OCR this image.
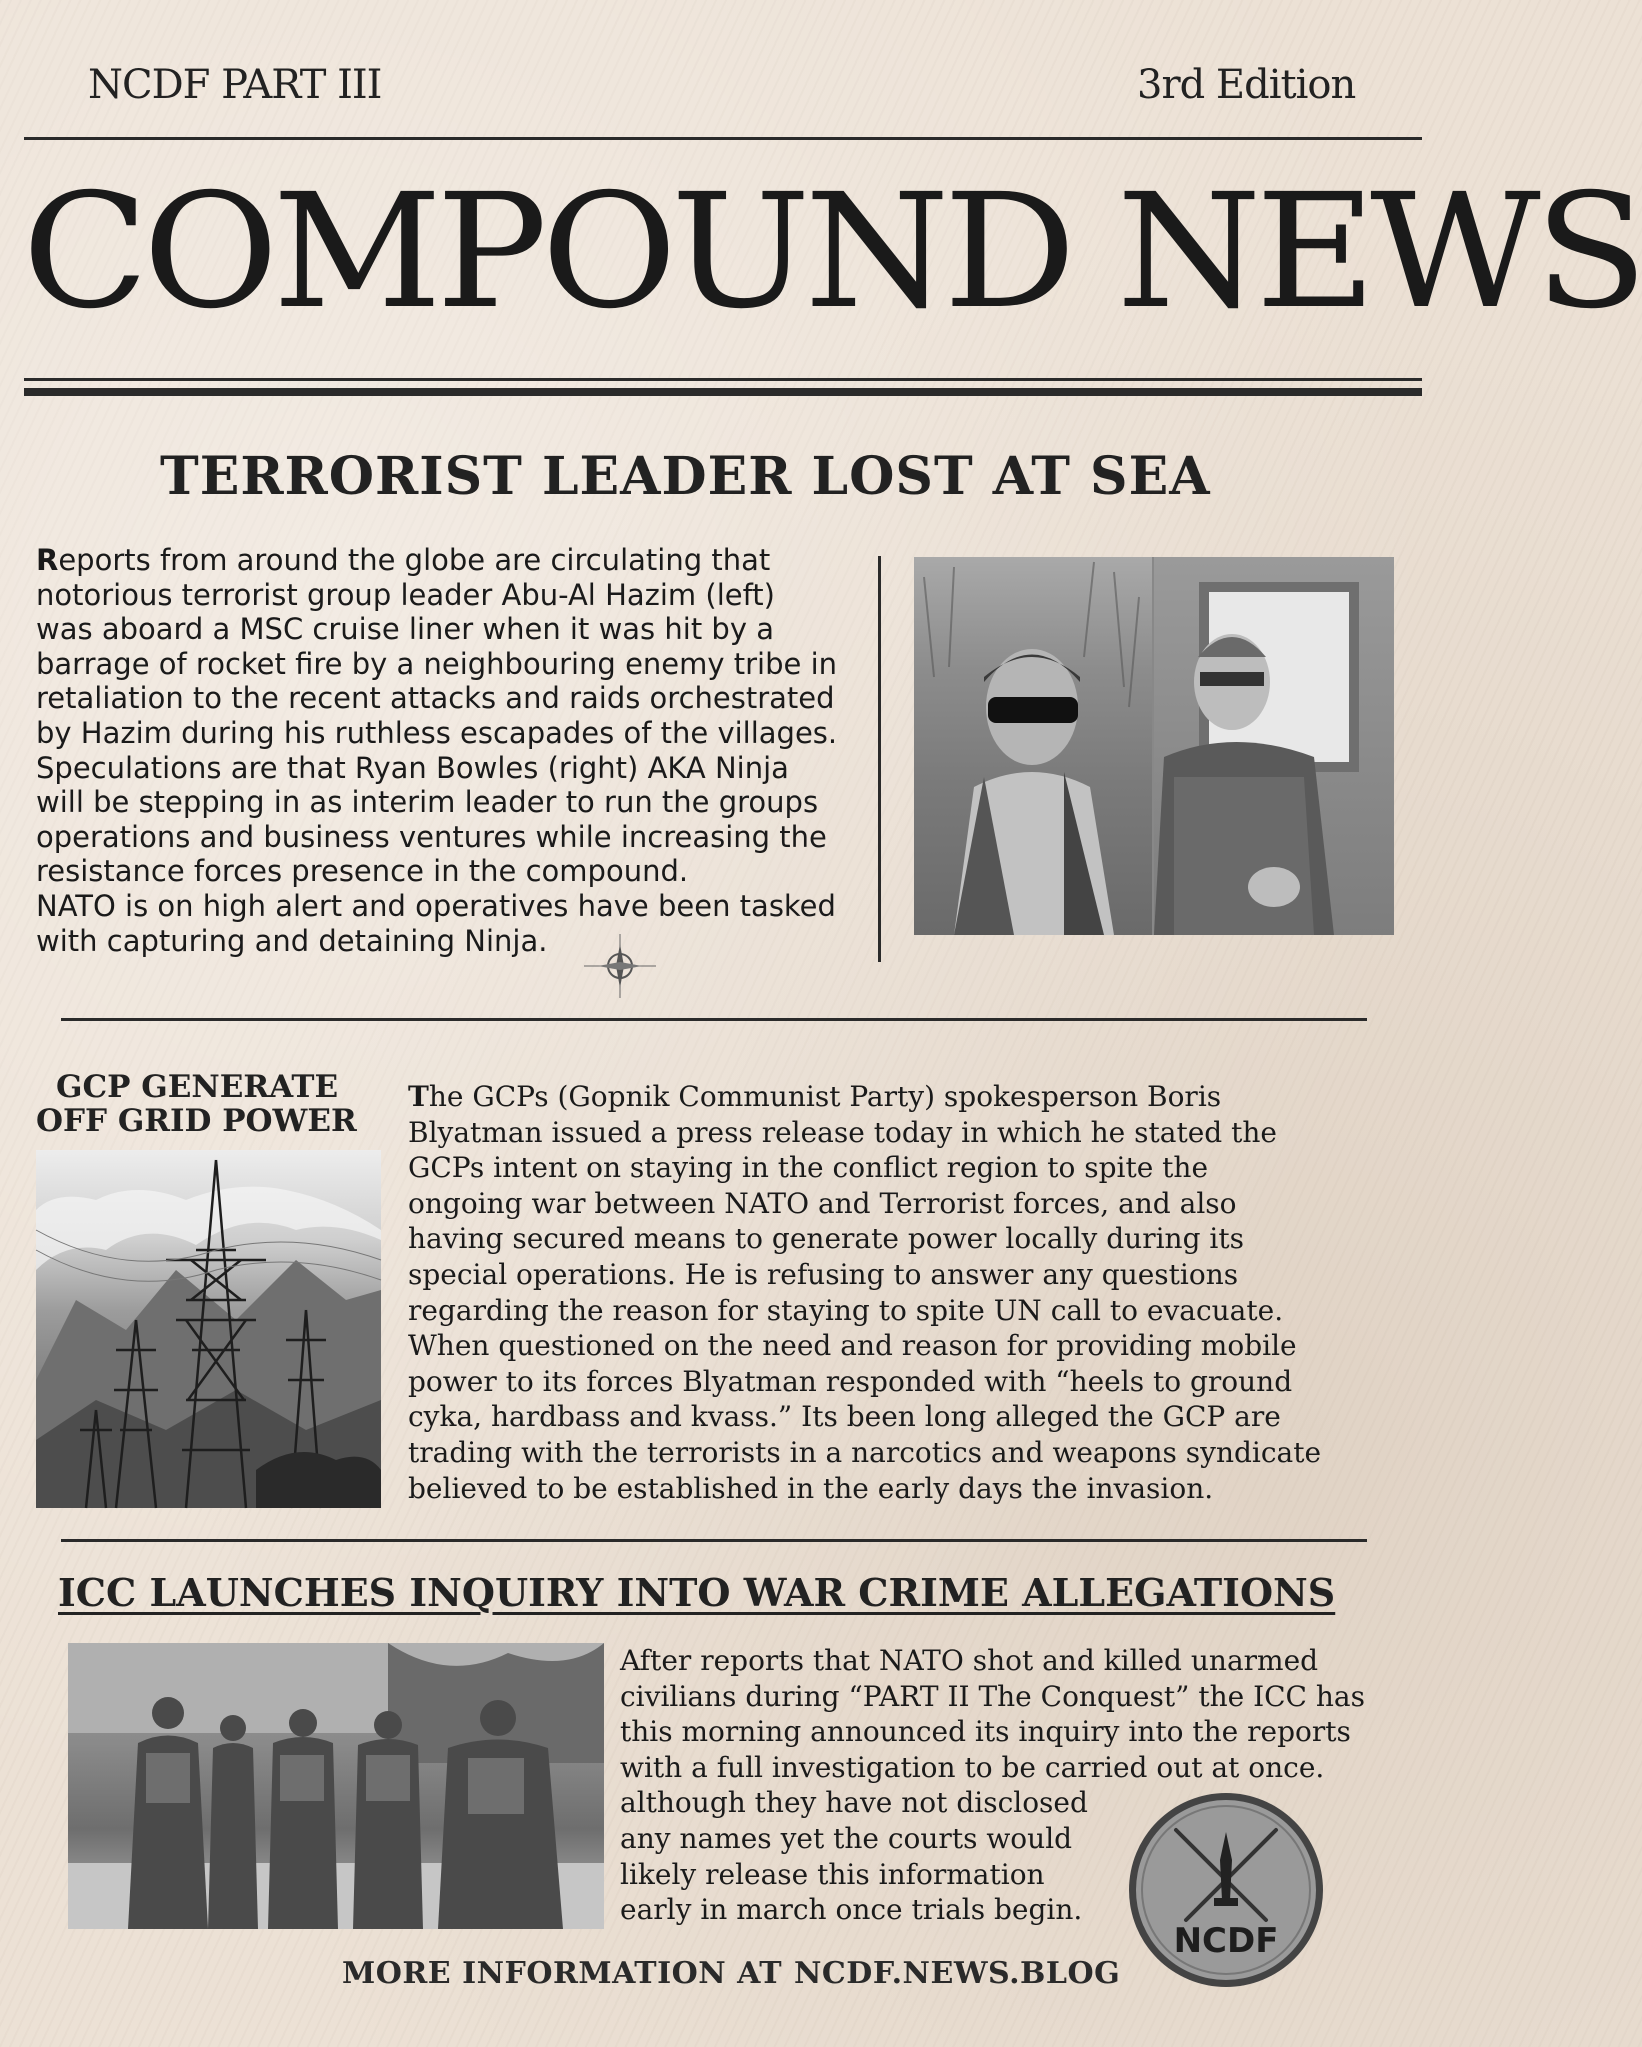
NCDF PART III	3rd Edition
COMPOUND NEWS
TERRORIST LEADER LOST AT SEA
Reports from around the globe are circulating that
notorious terrorist group leader Abu-Al Hazim (left)
was aboard a MSC cruise liner when it was hit by a
barrage of rocket fire by a neighbouring enemy tribe in
retaliation to the recent attacks and raids orchestrated
by Hazim during his ruthless escapades of the villages.
Speculations are that Ryan Bowles (right) AKA Ninja
will be stepping in as interim leader to run the groups
operations and business ventures while increasing the
resistance forces presence in the compound.
NATO is on high alert and operatives have been tasked
with capturing and detaining Ninja.
GCP GENERATE
OFF GRID POWER
The GCPs (Gopnik Communist Party) spokesperson Boris
Blyatman issued a press release today in which he stated the
GCPs intent on staying in the conflict region to spite the
ongoing war between NATO and Terrorist forces, and also
having secured means to generate power locally during its
special operations. He is refusing to answer any questions
regarding the reason for staying to spite UN call to evacuate.
When questioned on the need and reason for providing mobile
power to its forces Blyatman responded with “heels to ground
cyka, hardbass and kvass.” Its been long alleged the GCP are
trading with the terrorists in a narcotics and weapons syndicate
believed to be established in the early days the invasion.
ICC LAUNCHES INQUIRY INTO WAR CRIME ALLEGATIONS
After reports that NATO shot and killed unarmed
civilians during “PART II The Conquest” the ICC has
this morning announced its inquiry into the reports
with a full investigation to be carried out at once.
although they have not disclosed
any names yet the courts would
likely release this information
early in march once trials begin.
NCDF
MORE INFORMATION AT NCDF.NEWS.BLOG
